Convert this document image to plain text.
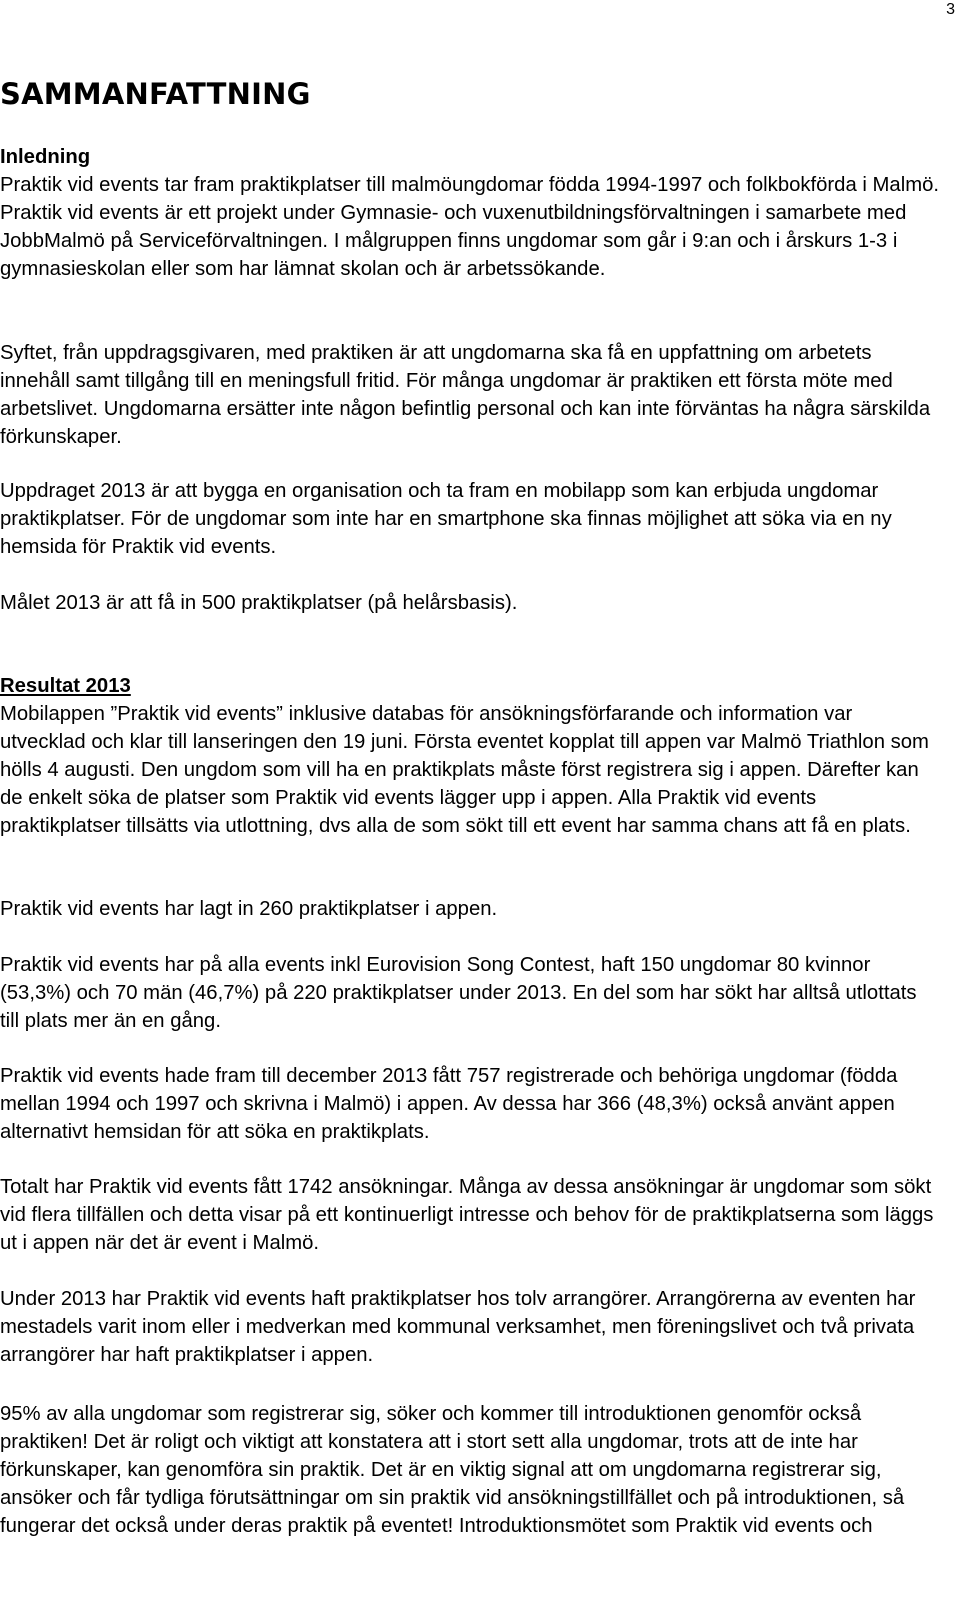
3
SAMMANFATTNING

Inledning

Praktik vid events tar fram praktikplatser till malmöungdomar födda 1994-1997 och folkbokförda i Malmö. Praktik vid events är ett projekt under Gymnasie- och vuxenutbildningsförvaltningen i samarbete med JobbMalmö på Serviceförvaltningen. I målgruppen finns ungdomar som går i 9:an och i årskurs 1-3 i gymnasieskolan eller som har lämnat skolan och är arbetssökande.

Syftet, från uppdragsgivaren, med praktiken är att ungdomarna ska få en uppfattning om arbetets innehåll samt tillgång till en meningsfull fritid. För många ungdomar är praktiken ett första möte med arbetslivet. Ungdomarna ersätter inte någon befintlig personal och kan inte förväntas ha några särskilda förkunskaper.

Uppdraget 2013 är att bygga en organisation och ta fram en mobilapp som kan erbjuda ungdomar praktikplatser. För de ungdomar som inte har en smartphone ska finnas möjlighet att söka via en ny hemsida för Praktik vid events.

Målet 2013 är att få in 500 praktikplatser (på helårsbasis).

Resultat 2013

Mobilappen ”Praktik vid events” inklusive databas för ansökningsförfarande och information var utvecklad och klar till lanseringen den 19 juni. Första eventet kopplat till appen var Malmö Triathlon som hölls 4 augusti. Den ungdom som vill ha en praktikplats måste först registrera sig i appen. Därefter kan de enkelt söka de platser som Praktik vid events lägger upp i appen. Alla Praktik vid events praktikplatser tillsätts via utlottning, dvs alla de som sökt till ett event har samma chans att få en plats.

Praktik vid events har lagt in 260 praktikplatser i appen.

Praktik vid events har på alla events inkl Eurovision Song Contest, haft 150 ungdomar 80 kvinnor (53,3%) och 70 män (46,7%) på 220 praktikplatser under 2013. En del som har sökt har alltså utlottats till plats mer än en gång.

Praktik vid events hade fram till december 2013 fått 757 registrerade och behöriga ungdomar (födda mellan 1994 och 1997 och skrivna i Malmö) i appen. Av dessa har 366 (48,3%) också använt appen alternativt hemsidan för att söka en praktikplats.

Totalt har Praktik vid events fått 1742 ansökningar. Många av dessa ansökningar är ungdomar som sökt vid flera tillfällen och detta visar på ett kontinuerligt intresse och behov för de praktikplatserna som läggs ut i appen när det är event i Malmö.

Under 2013 har Praktik vid events haft praktikplatser hos tolv arrangörer. Arrangörerna av eventen har mestadels varit inom eller i medverkan med kommunal verksamhet, men föreningslivet och två privata arrangörer har haft praktikplatser i appen.

95% av alla ungdomar som registrerar sig, söker och kommer till introduktionen genomför också praktiken! Det är roligt och viktigt att konstatera att i stort sett alla ungdomar, trots att de inte har förkunskaper, kan genomföra sin praktik. Det är en viktig signal att om ungdomarna registrerar sig, ansöker och får tydliga förutsättningar om sin praktik vid ansökningstillfället och på introduktionen, så fungerar det också under deras praktik på eventet! Introduktionsmötet som Praktik vid events och
